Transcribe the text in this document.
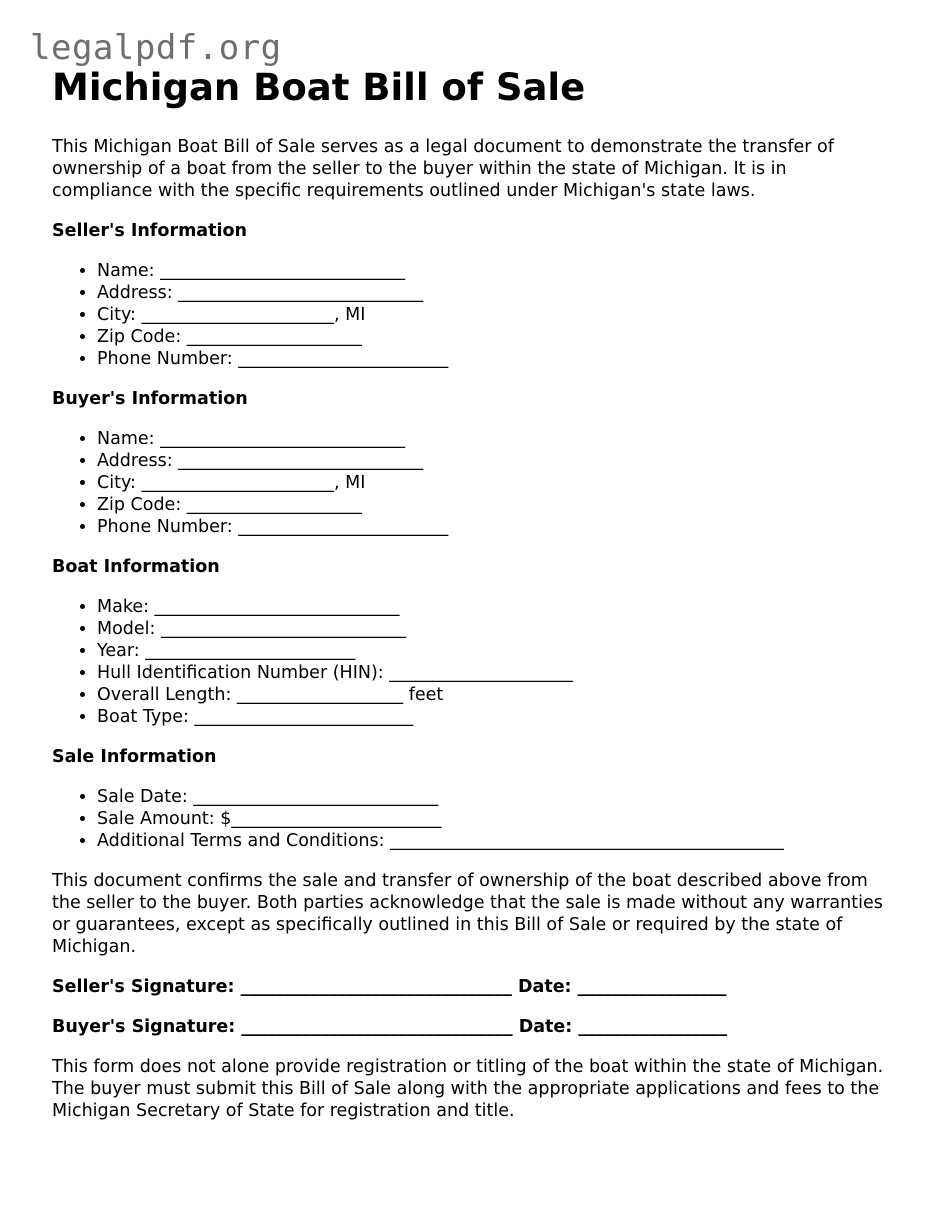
legalpdf.org
Michigan Boat Bill of Sale

This Michigan Boat Bill of Sale serves as a legal document to demonstrate the transfer of ownership of a boat from the seller to the buyer within the state of Michigan. It is in compliance with the specific requirements outlined under Michigan's state laws.

Seller's Information
• Name: ____________________________
• Address: ____________________________
• City: ______________________, MI
• Zip Code: ____________________
• Phone Number: ________________________
Buyer's Information
• Name: ____________________________
• Address: ____________________________
• City: ______________________, MI
• Zip Code: ____________________
• Phone Number: ________________________
Boat Information
• Make: ____________________________
• Model: ____________________________
• Year: ________________________
• Hull Identification Number (HIN): _____________________
• Overall Length: ___________________ feet
• Boat Type: _________________________
Sale Information
• Sale Date: ____________________________
• Sale Amount: $________________________
• Additional Terms and Conditions: _____________________________________________

This document confirms the sale and transfer of ownership of the boat described above from the seller to the buyer. Both parties acknowledge that the sale is made without any warranties or guarantees, except as specifically outlined in this Bill of Sale or required by the state of Michigan.

Seller's Signature: _______________________________ Date: _________________
Buyer's Signature: _______________________________ Date: _________________

This form does not alone provide registration or titling of the boat within the state of Michigan. The buyer must submit this Bill of Sale along with the appropriate applications and fees to the Michigan Secretary of State for registration and title.
